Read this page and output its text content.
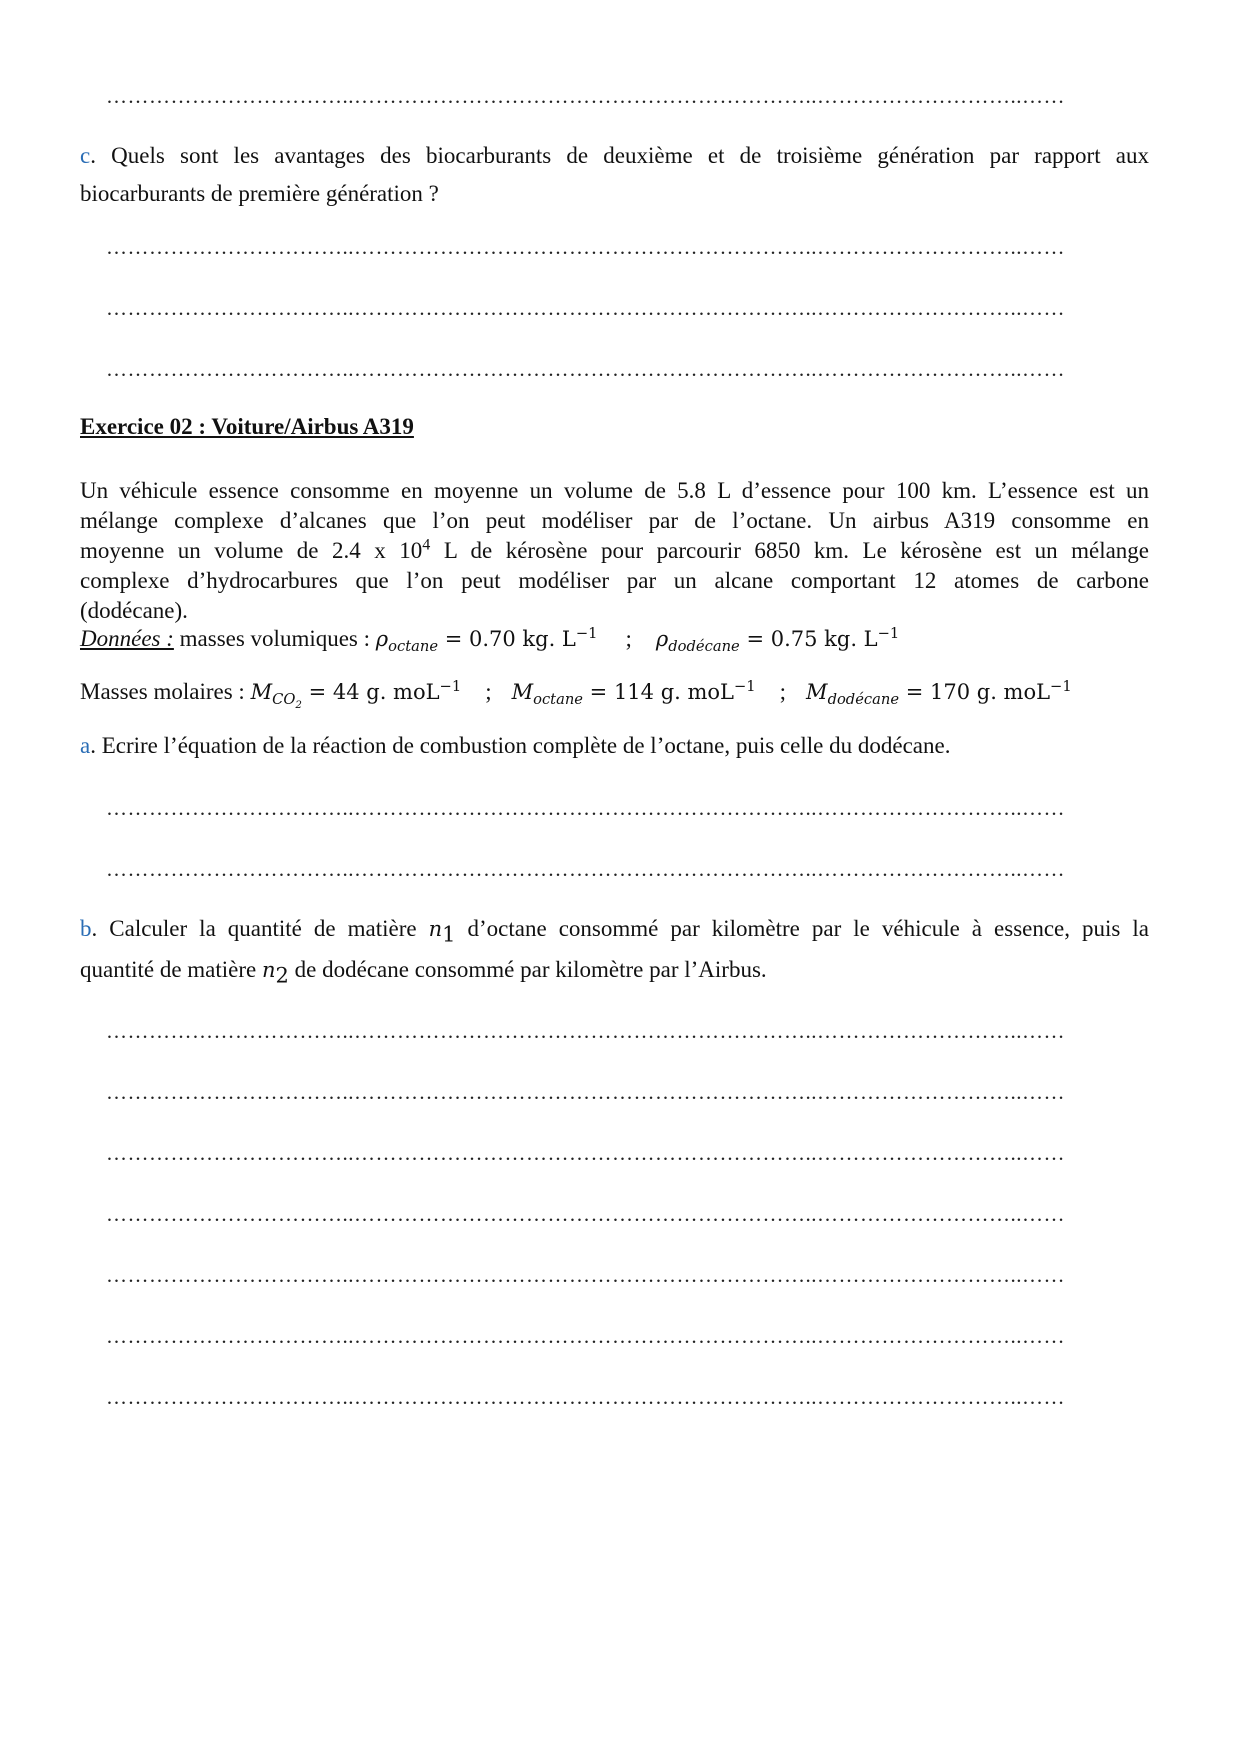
……………………………..………………………………………………………..………………………..……
c. Quels sont les avantages des biocarburants de deuxième et de troisième génération par rapport aux
biocarburants de première génération ?
……………………………..………………………………………………………..………………………..……
……………………………..………………………………………………………..………………………..……
……………………………..………………………………………………………..………………………..……
Exercice 02 : Voiture/Airbus A319
Un véhicule essence consomme en moyenne un volume de 5.8 L d’essence pour 100 km. L’essence est un
mélange complexe d’alcanes que l’on peut modéliser par de l’octane. Un airbus A319 consomme en
moyenne un volume de 2.4 x $10^4$ L de kérosène pour parcourir 6850 km. Le kérosène est un mélange
complexe d’hydrocarbures que l’on peut modéliser par un alcane comportant 12 atomes de carbone
(dodécane).
Données : masses volumiques : $\rho_{octane} = 0.70$ kg. $L^{-1}$ ; $\rho_{dodécane} = 0.75$ kg. $L^{-1}$
Masses molaires : $M_{CO_2} = 44$ g. moL$^{-1}$ ; $M_{octane} = 114$ g. moL$^{-1}$ ; $M_{dodécane} = 170$ g. moL$^{-1}$
a. Ecrire l’équation de la réaction de combustion complète de l’octane, puis celle du dodécane.
……………………………..………………………………………………………..………………………..……
……………………………..………………………………………………………..………………………..……
b. Calculer la quantité de matière $n_1$ d’octane consommé par kilomètre par le véhicule à essence, puis la
quantité de matière $n_2$ de dodécane consommé par kilomètre par l’Airbus.
……………………………..………………………………………………………..………………………..……
……………………………..………………………………………………………..………………………..……
……………………………..………………………………………………………..………………………..……
……………………………..………………………………………………………..………………………..……
……………………………..………………………………………………………..………………………..……
……………………………..………………………………………………………..………………………..……
……………………………..………………………………………………………..………………………..……
